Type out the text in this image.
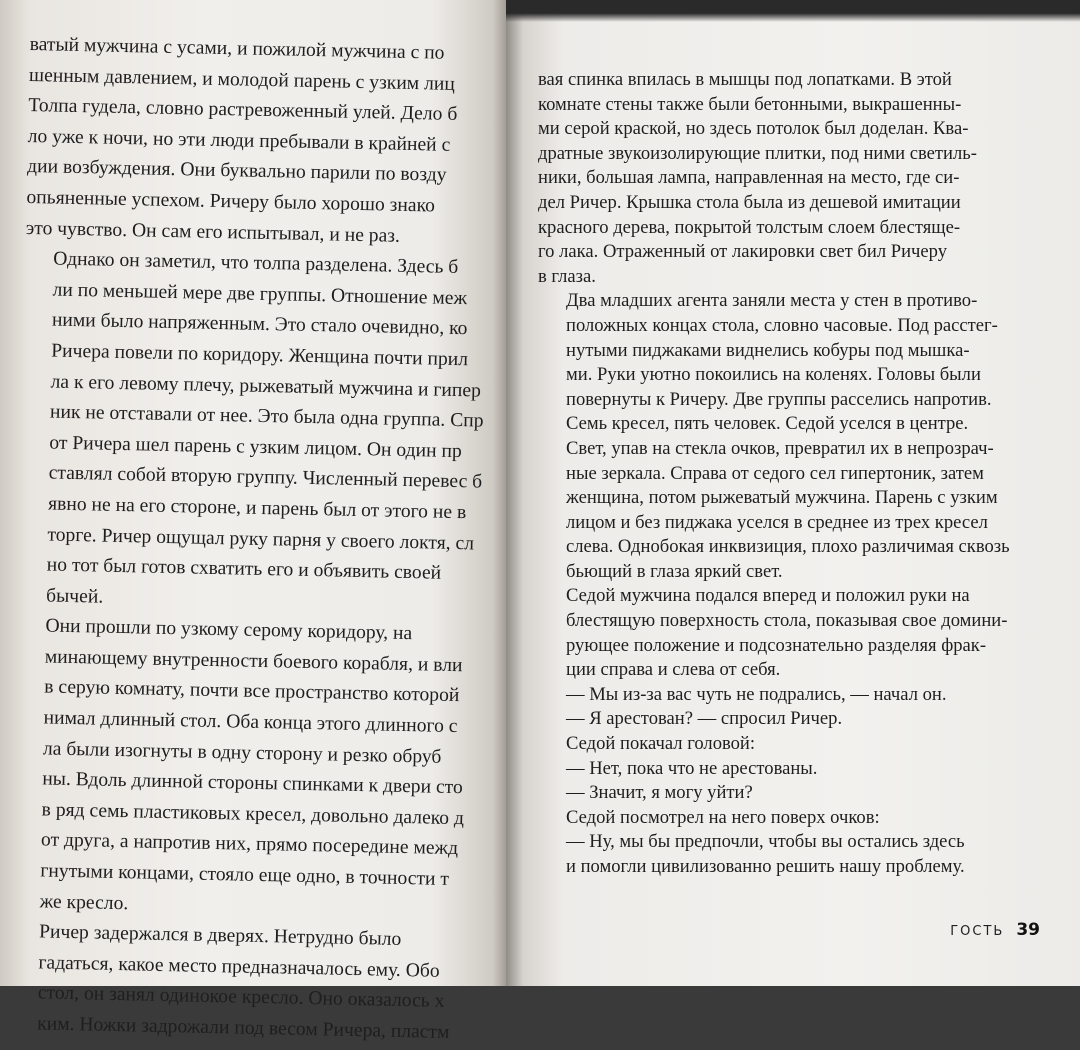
ватый мужчина с усами, и пожилой мужчина с по
шенным давлением, и молодой парень с узким лиц
Толпа гудела, словно растревоженный улей. Дело б
ло уже к ночи, но эти люди пребывали в крайней с
дии возбуждения. Они буквально парили по возду
опьяненные успехом. Ричеру было хорошо знако
это чувство. Он сам его испытывал, и не раз.

Однако он заметил, что толпа разделена. Здесь б
ли по меньшей мере две группы. Отношение меж
ними было напряженным. Это стало очевидно, ко
Ричера повели по коридору. Женщина почти прил
ла к его левому плечу, рыжеватый мужчина и гипер
ник не отставали от нее. Это была одна группа. Спр
от Ричера шел парень с узким лицом. Он один пр
ставлял собой вторую группу. Численный перевес б
явно не на его стороне, и парень был от этого не в
торге. Ричер ощущал руку парня у своего локтя, сл
но тот был готов схватить его и объявить своей
бычей.

Они прошли по узкому серому коридору, на
минающему внутренности боевого корабля, и вли
в серую комнату, почти все пространство которой
нимал длинный стол. Оба конца этого длинного с
ла были изогнуты в одну сторону и резко обруб
ны. Вдоль длинной стороны спинками к двери сто
в ряд семь пластиковых кресел, довольно далеко д
от друга, а напротив них, прямо посередине межд
гнутыми концами, стояло еще одно, в точности т
же кресло.

Ричер задержался в дверях. Нетрудно было
гадаться, какое место предназначалось ему. Обо
стол, он занял одинокое кресло. Оно оказалось х
ким. Ножки задрожали под весом Ричера, пластм

вая спинка впилась в мышцы под лопатками. В этой
комнате стены также были бетонными, выкрашенны-
ми серой краской, но здесь потолок был доделан. Ква-
дратные звукоизолирующие плитки, под ними светиль-
ники, большая лампа, направленная на место, где си-
дел Ричер. Крышка стола была из дешевой имитации
красного дерева, покрытой толстым слоем блестяще-
го лака. Отраженный от лакировки свет бил Ричеру
в глаза.

Два младших агента заняли места у стен в противо-
положных концах стола, словно часовые. Под расстег-
нутыми пиджаками виднелись кобуры под мышка-
ми. Руки уютно покоились на коленях. Головы были
повернуты к Ричеру. Две группы расселись напротив.
Семь кресел, пять человек. Седой уселся в центре.
Свет, упав на стекла очков, превратил их в непрозрач-
ные зеркала. Справа от седого сел гипертоник, затем
женщина, потом рыжеватый мужчина. Парень с узким
лицом и без пиджака уселся в среднее из трех кресел
слева. Однобокая инквизиция, плохо различимая сквозь
бьющий в глаза яркий свет.

Седой мужчина подался вперед и положил руки на
блестящую поверхность стола, показывая свое домини-
рующее положение и подсознательно разделяя фрак-
ции справа и слева от себя.

— Мы из-за вас чуть не подрались, — начал он.

— Я арестован? — спросил Ричер.

Седой покачал головой:

— Нет, пока что не арестованы.

— Значит, я могу уйти?

Седой посмотрел на него поверх очков:

— Ну, мы бы предпочли, чтобы вы остались здесь
и помогли цивилизованно решить нашу проблему.

ГОСТЬ 39
